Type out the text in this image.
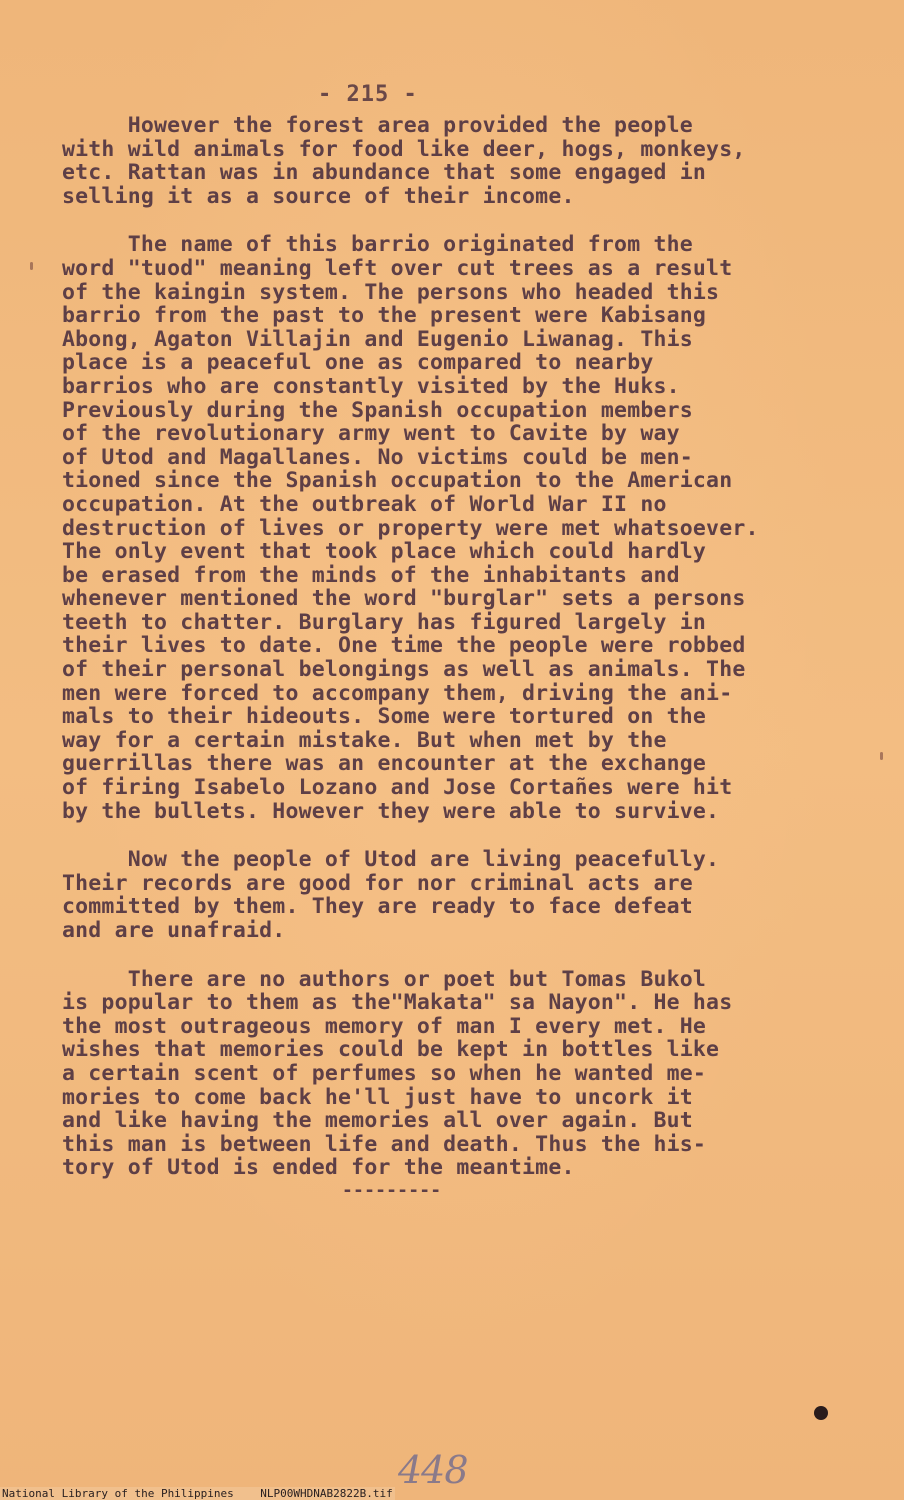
- 215 -
However the forest area provided the people
with wild animals for food like deer, hogs, monkeys,
etc. Rattan was in abundance that some engaged in
selling it as a source of their income.
The name of this barrio originated from the
word "tuod" meaning left over cut trees as a result
of the kaingin system. The persons who headed this
barrio from the past to the present were Kabisang
Abong, Agaton Villajin and Eugenio Liwanag. This
place is a peaceful one as compared to nearby
barrios who are constantly visited by the Huks.
Previously during the Spanish occupation members
of the revolutionary army went to Cavite by way
of Utod and Magallanes. No victims could be men-
tioned since the Spanish occupation to the American
occupation. At the outbreak of World War II no
destruction of lives or property were met whatsoever.
The only event that took place which could hardly
be erased from the minds of the inhabitants and
whenever mentioned the word "burglar" sets a persons
teeth to chatter. Burglary has figured largely in
their lives to date. One time the people were robbed
of their personal belongings as well as animals. The
men were forced to accompany them, driving the ani-
mals to their hideouts. Some were tortured on the
way for a certain mistake. But when met by the
guerrillas there was an encounter at the exchange
of firing Isabelo Lozano and Jose Cortañes were hit
by the bullets. However they were able to survive.
Now the people of Utod are living peacefully.
Their records are good for nor criminal acts are
committed by them. They are ready to face defeat
and are unafraid.
There are no authors or poet but Tomas Bukol
is popular to them as the"Makata" sa Nayon". He has
the most outrageous memory of man I every met. He
wishes that memories could be kept in bottles like
a certain scent of perfumes so when he wanted me-
mories to come back he'll just have to uncork it
and like having the memories all over again. But
this man is between life and death. Thus the his-
tory of Utod is ended for the meantime.
---------
448
National Library of the Philippines    NLP00WHDNAB2822B.tif
